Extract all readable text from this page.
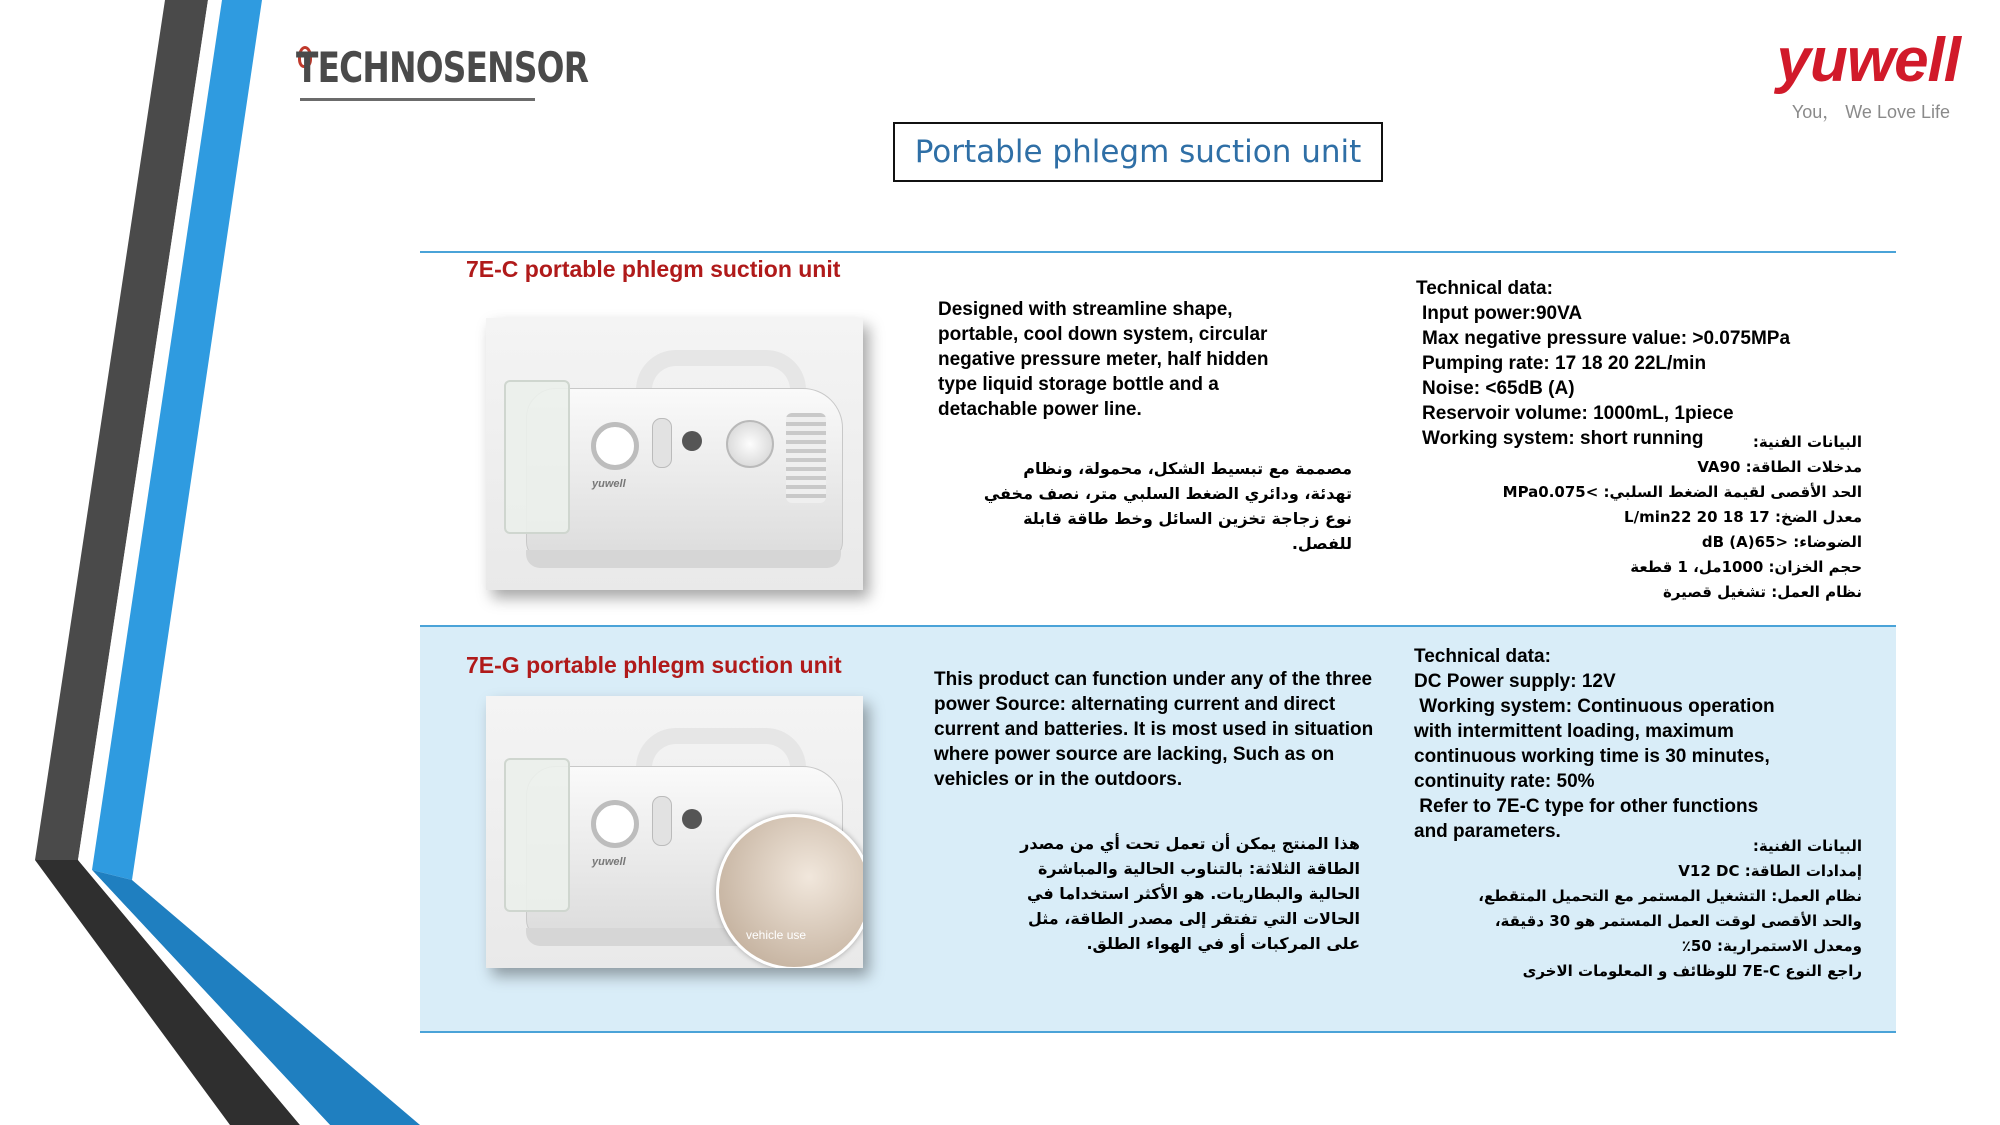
TECHNOSENSOR	yuwell
You， We Love Life
Portable phlegm suction unit
7E-C portable phlegm suction unit
yuwell
Designed with streamline shape, portable, cool down system, circular negative pressure meter, half hidden type liquid storage bottle and a detachable power line.
مصممة مع تبسيط الشكل، محمولة، ونظام تهدئة، ودائري الضغط السلبي متر، نصف مخفي نوع زجاجة تخزين السائل وخط طاقة قابلة للفصل.
Technical data:
Input power:90VA
Max negative pressure value: >0.075MPa
Pumping rate: 17 18 20 22L/min
Noise: <65dB (A)
Reservoir volume: 1000mL, 1piece
Working system: short running	البيانات الفنية:
مدخلات الطاقة: VA90
الحد الأقصى لقيمة الضغط السلبي: >MPa0.075
معدل الضخ: 17 18 20 L/min22
الضوضاء: <dB (A)65
حجم الخزان: 1000مل، 1 قطعة
نظام العمل: تشغيل قصيرة
7E-G portable phlegm suction unit
yuwell
vehicle use
This product can function under any of the three power Source: alternating current and direct current and batteries. It is most used in situation where power source are lacking, Such as on vehicles or in the outdoors.
هذا المنتج يمكن أن تعمل تحت أي من مصدر الطاقة الثلاثة: بالتناوب الحالية والمباشرة الحالية والبطاريات. هو الأكثر استخداما في الحالات التي تفتقر إلى مصدر الطاقة، مثل على المركبات أو في الهواء الطلق.
Technical data:
DC Power supply: 12V
Working system: Continuous operation
with intermittent loading, maximum
continuous working time is 30 minutes,
continuity rate: 50%
Refer to 7E-C type for other functions
and parameters.
البيانات الفنية:
إمدادات الطاقة: V12 DC
نظام العمل: التشغيل المستمر مع التحميل المتقطع،
والحد الأقصى لوقت العمل المستمر هو 30 دقيقة،
ومعدل الاستمرارية: 50٪
راجع النوع 7E-C للوظائف و المعلومات الاخرى
